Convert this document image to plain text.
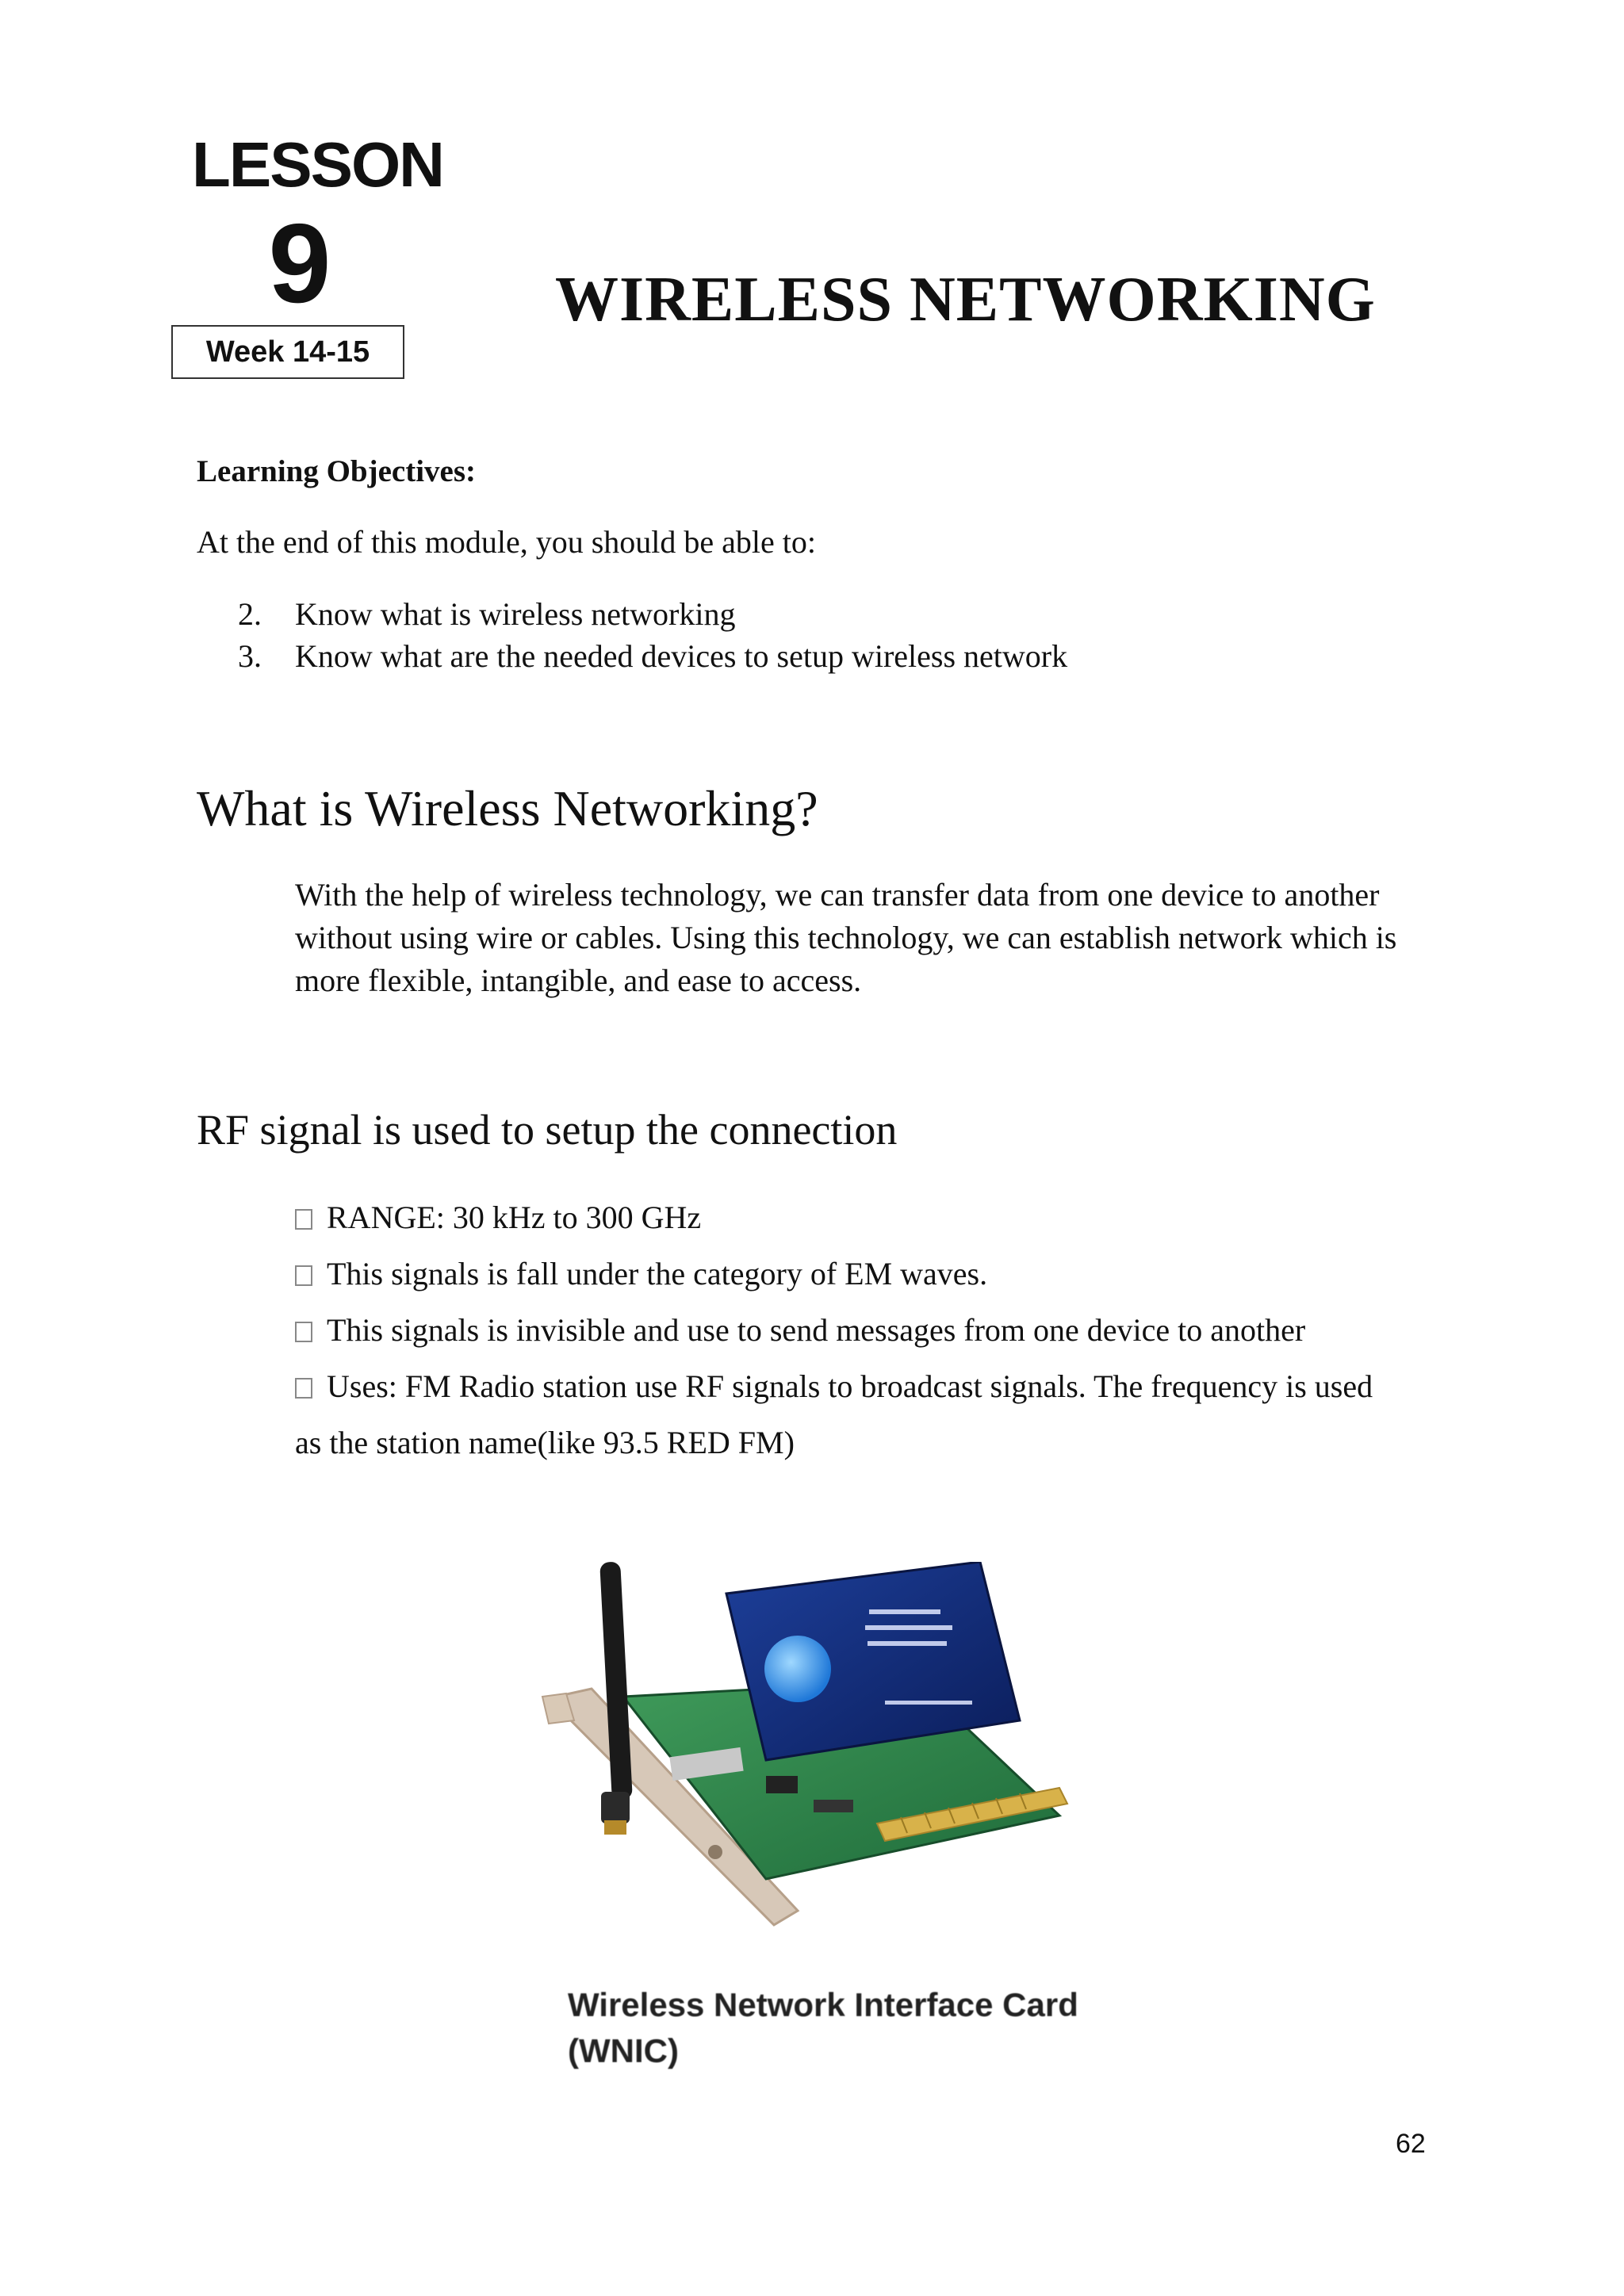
LESSON
9
Week 14-15
WIRELESS NETWORKING
Learning Objectives:
At the end of this module, you should be able to:
2.	Know what is wireless networking
3.	Know what are the needed devices to setup wireless network
What is Wireless Networking?
With the help of wireless technology, we can transfer data from one device to another without using wire or cables. Using this technology, we can establish network which is more flexible, intangible, and ease to access.
RF signal is used to setup the connection
RANGE: 30 kHz to 300 GHz
This signals is fall under the category of EM waves.
This signals is invisible and use to send messages from one device to another
Uses: FM Radio station use RF signals to broadcast signals. The frequency is used
as the station name(like 93.5 RED FM)
Wireless Network Interface Card
(WNIC)
62
